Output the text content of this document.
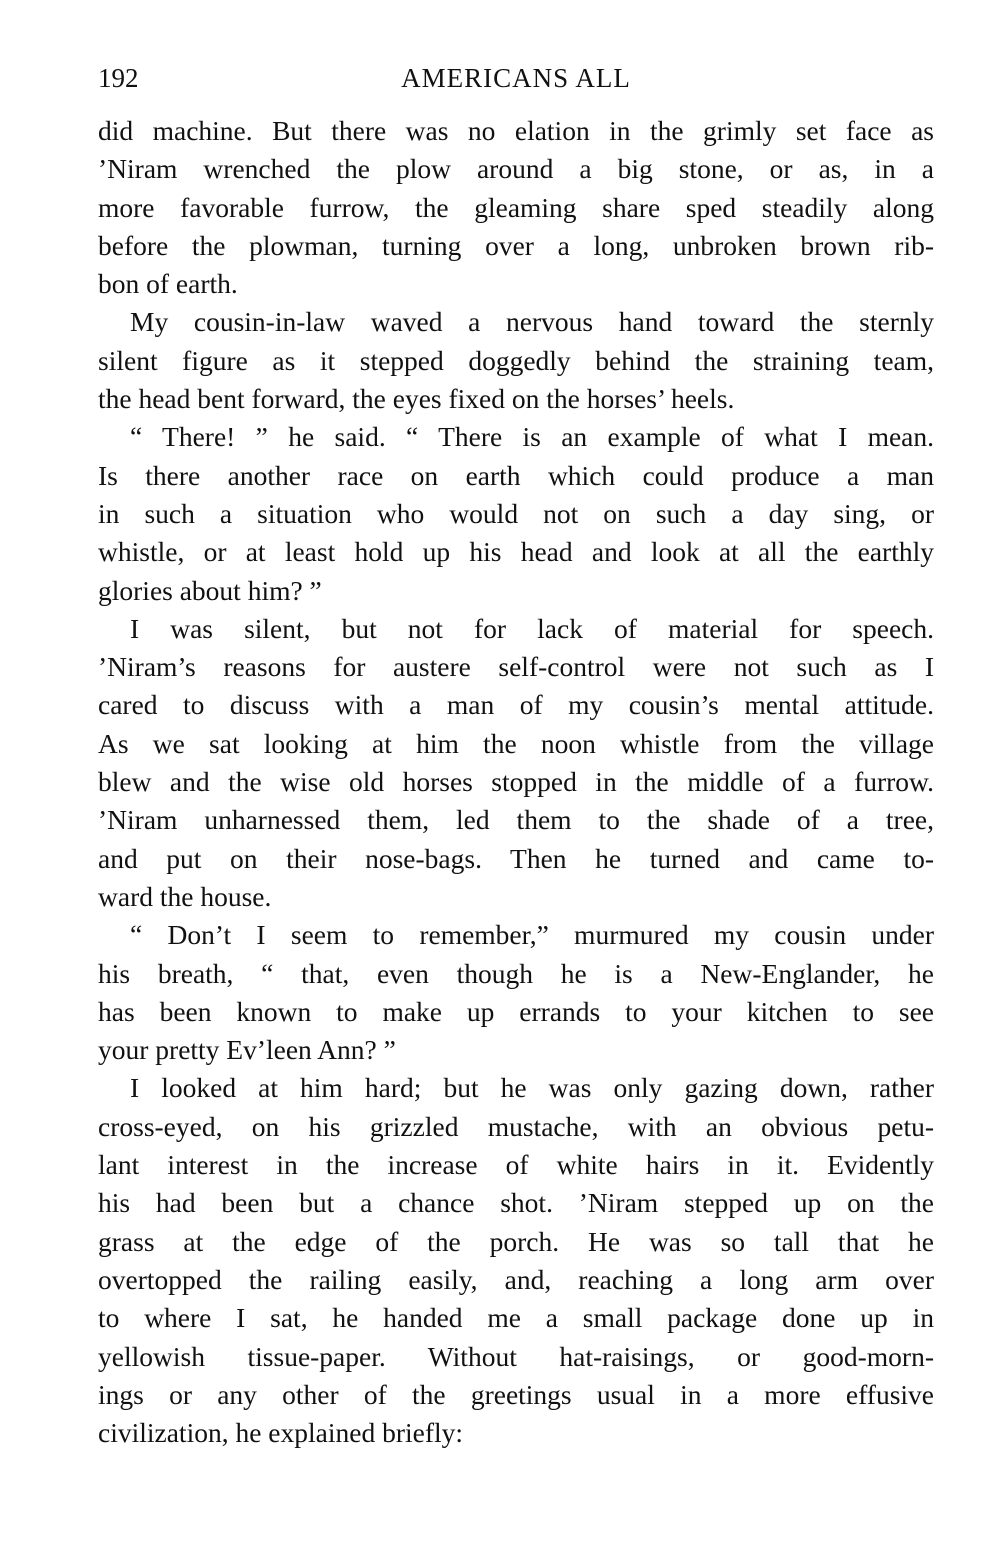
192	AMERICANS ALL
did machine. But there was no elation in the grimly set face as
’Niram wrenched the plow around a big stone, or as, in a
more favorable furrow, the gleaming share sped steadily along
before the plowman, turning over a long, unbroken brown rib-
bon of earth.
My cousin-in-law waved a nervous hand toward the sternly
silent figure as it stepped doggedly behind the straining team,
the head bent forward, the eyes fixed on the horses’ heels.
“ There! ” he said. “ There is an example of what I mean.
Is there another race on earth which could produce a man
in such a situation who would not on such a day sing, or
whistle, or at least hold up his head and look at all the earthly
glories about him? ”
I was silent, but not for lack of material for speech.
’Niram’s reasons for austere self-control were not such as I
cared to discuss with a man of my cousin’s mental attitude.
As we sat looking at him the noon whistle from the village
blew and the wise old horses stopped in the middle of a furrow.
’Niram unharnessed them, led them to the shade of a tree,
and put on their nose-bags. Then he turned and came to-
ward the house.
“ Don’t I seem to remember,” murmured my cousin under
his breath, “ that, even though he is a New-Englander, he
has been known to make up errands to your kitchen to see
your pretty Ev’leen Ann? ”
I looked at him hard; but he was only gazing down, rather
cross-eyed, on his grizzled mustache, with an obvious petu-
lant interest in the increase of white hairs in it. Evidently
his had been but a chance shot. ’Niram stepped up on the
grass at the edge of the porch. He was so tall that he
overtopped the railing easily, and, reaching a long arm over
to where I sat, he handed me a small package done up in
yellowish tissue-paper. Without hat-raisings, or good-morn-
ings or any other of the greetings usual in a more effusive
civilization, he explained briefly:
